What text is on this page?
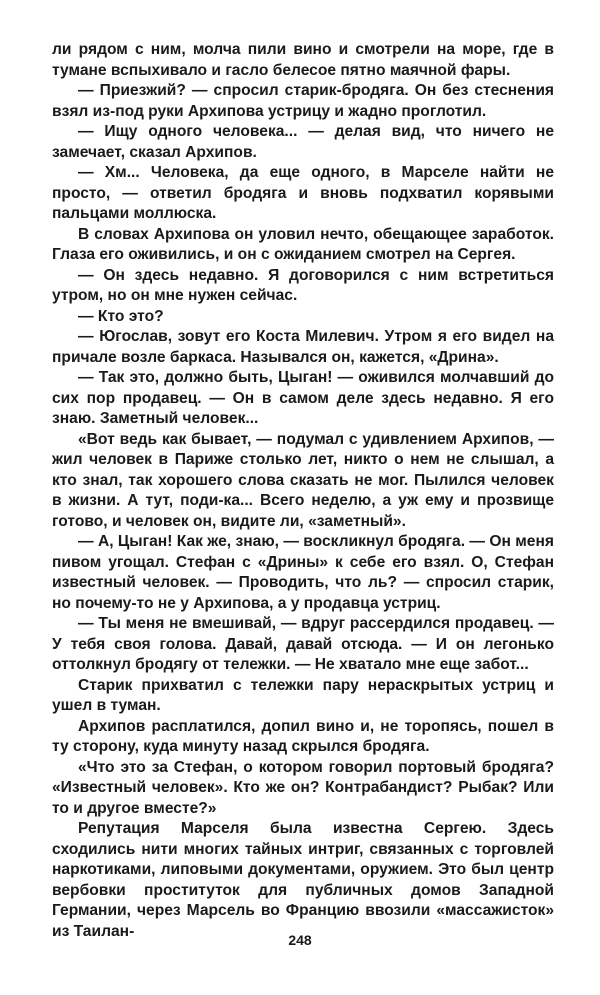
ли рядом с ним, молча пили вино и смотрели на море, где в тумане вспыхивало и гасло белесое пятно маячной фары.

— Приезжий? — спросил старик-бродяга. Он без стеснения взял из-под руки Архипова устрицу и жадно проглотил.

— Ищу одного человека... — делая вид, что ничего не замечает, сказал Архипов.

— Хм... Человека, да еще одного, в Марселе найти не просто, — ответил бродяга и вновь подхватил корявыми пальцами моллюска.

В словах Архипова он уловил нечто, обещающее заработок. Глаза его оживились, и он с ожиданием смотрел на Сергея.

— Он здесь недавно. Я договорился с ним встретиться утром, но он мне нужен сейчас.

— Кто это?

— Югослав, зовут его Коста Милевич. Утром я его видел на причале возле баркаса. Назывался он, кажется, «Дрина».

— Так это, должно быть, Цыган! — оживился молчавший до сих пор продавец. — Он в самом деле здесь недавно. Я его знаю. Заметный человек...

«Вот ведь как бывает, — подумал с удивлением Архипов, — жил человек в Париже столько лет, никто о нем не слышал, а кто знал, так хорошего слова сказать не мог. Пылился человек в жизни. А тут, поди-ка... Всего неделю, а уж ему и прозвище готово, и человек он, видите ли, «заметный».

— А, Цыган! Как же, знаю, — воскликнул бродяга. — Он меня пивом угощал. Стефан с «Дрины» к себе его взял. О, Стефан известный человек. — Проводить, что ль? — спросил старик, но почему-то не у Архипова, а у продавца устриц.

— Ты меня не вмешивай, — вдруг рассердился продавец. — У тебя своя голова. Давай, давай отсюда. — И он легонько оттолкнул бродягу от тележки. — Не хватало мне еще забот...

Старик прихватил с тележки пару нераскрытых устриц и ушел в туман.

Архипов расплатился, допил вино и, не торопясь, пошел в ту сторону, куда минуту назад скрылся бродяга.

«Что это за Стефан, о котором говорил портовый бродяга? «Известный человек». Кто же он? Контрабандист? Рыбак? Или то и другое вместе?»

Репутация Марселя была известна Сергею. Здесь сходились нити многих тайных интриг, связанных с торговлей наркотиками, липовыми документами, оружием. Это был центр вербовки проституток для публичных домов Западной Германии, через Марсель во Францию ввозили «массажисток» из Таилан-

248
